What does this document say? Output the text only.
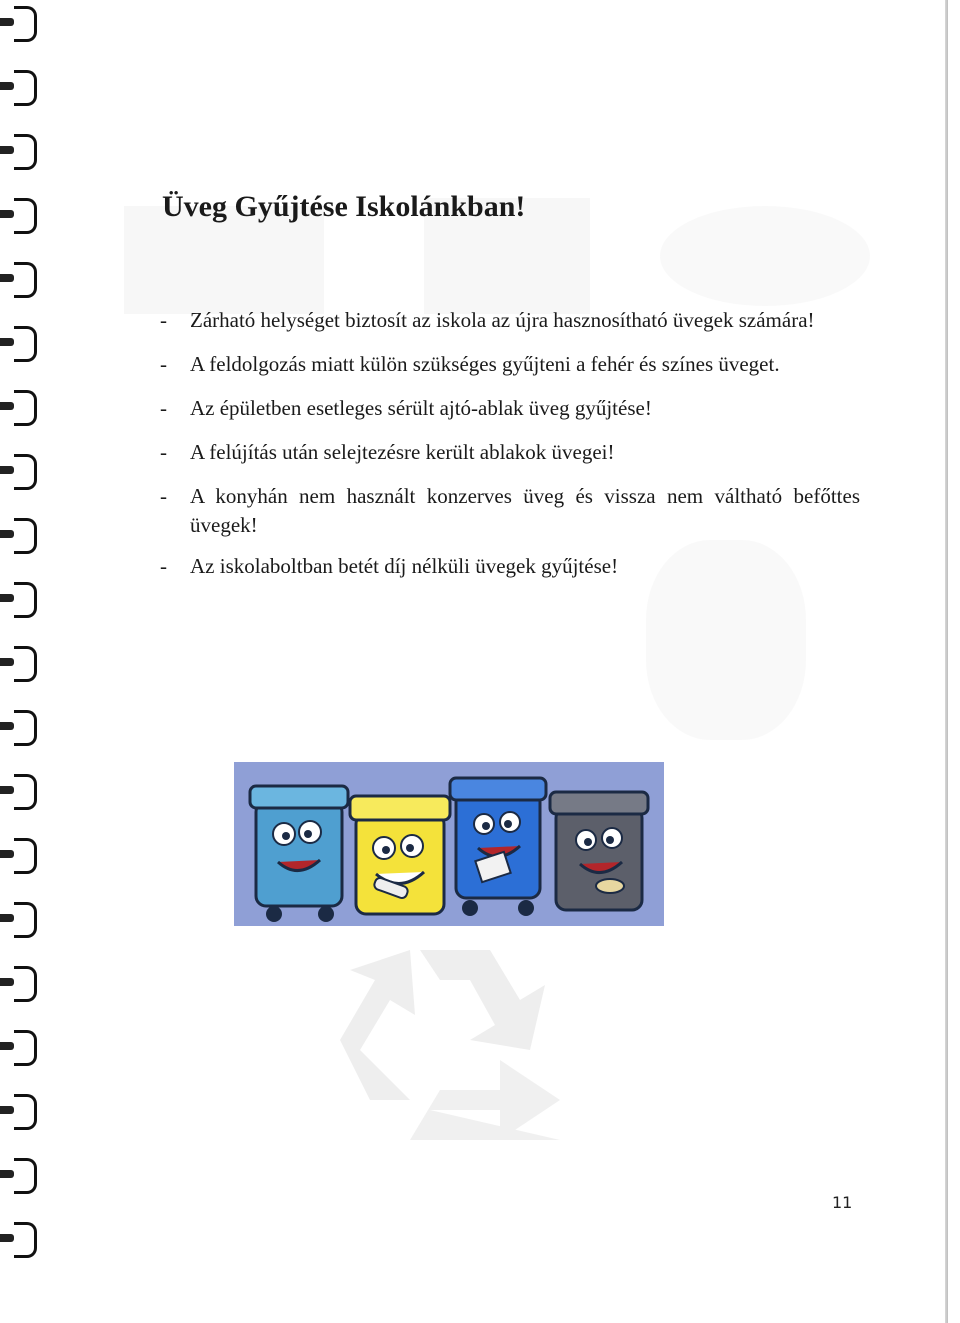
Üveg Gyűjtése Iskolánkban!
- Zárható helységet biztosít az iskola az újra hasznosítható üvegek számára!
- A feldolgozás miatt külön szükséges gyűjteni a fehér és színes üveget.
- Az épületben esetleges sérült ajtó-ablak üveg gyűjtése!
- A felújítás után selejtezésre került ablakok üvegei!
- A konyhán nem használt konzerves üveg és vissza nem váltható befőttes üvegek!
- Az iskolaboltban betét díj nélküli üvegek gyűjtése!
11
